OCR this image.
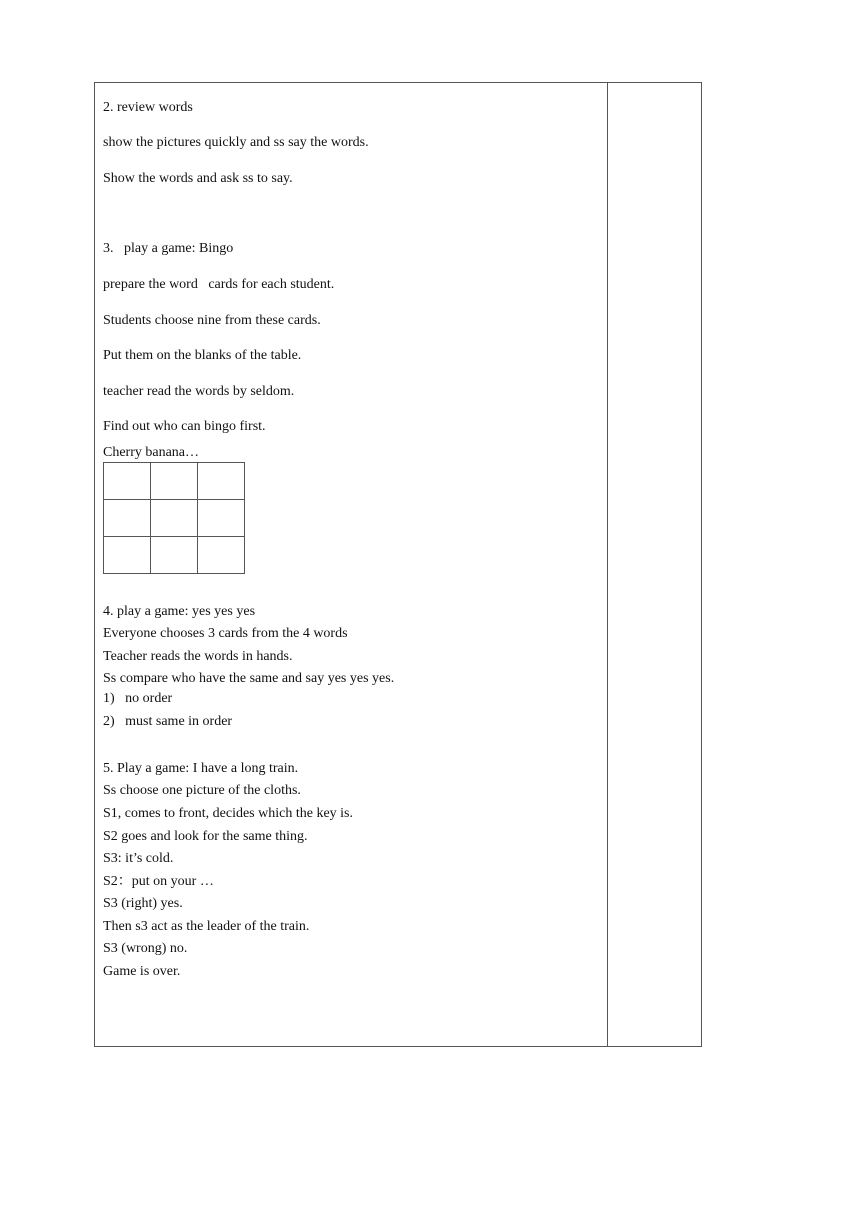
2. review words
show the pictures quickly and ss say the words.
Show the words and ask ss to say.
3.   play a game: Bingo
prepare the word   cards for each student.
Students choose nine from these cards.
Put them on the blanks of the table.
teacher read the words by seldom.
Find out who can bingo first.
Cherry banana…

4. play a game: yes yes yes
Everyone chooses 3 cards from the 4 words
Teacher reads the words in hands.
Ss compare who have the same and say yes yes yes.
1)   no order
2)   must same in order
5. Play a game: I have a long train.
Ss choose one picture of the cloths.
S1, comes to front, decides which the key is.
S2 goes and look for the same thing.
S3: it’s cold.
S2：put on your …
S3 (right) yes.
Then s3 act as the leader of the train.
S3 (wrong) no.
Game is over.
